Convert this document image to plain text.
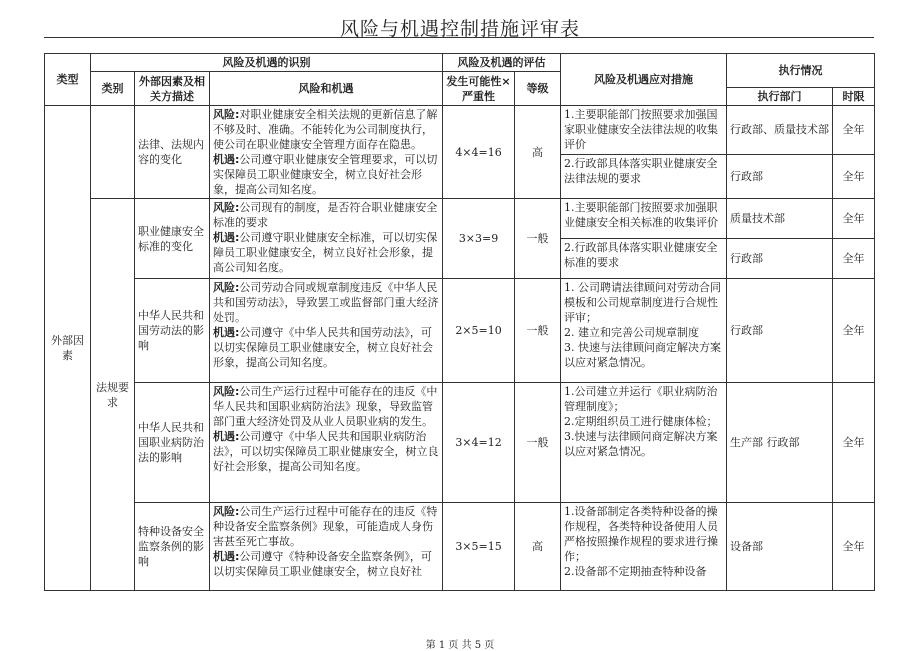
风险与机遇控制措施评审表
类型	风险及机遇的识别			风险及机遇的评估		风险及机遇应对措施	执行情况	
	类别	外部因素及相关方描述	风险和机遇	发生可能性×严重性	等级			
							执行部门	时限
外部因素		法律、法规内容的变化	风险:对职业健康安全相关法规的更新信息了解不够及时、准确。不能转化为公司制度执行，使公司在职业健康安全管理方面存在隐患。
机遇:公司遵守职业健康安全管理要求，可以切实保障员工职业健康安全，树立良好社会形象，提高公司知名度。	4×4=16	高	1.主要职能部门按照要求加强国家职业健康安全法律法规的收集评价	行政部、质量技术部	全年
						2.行政部具体落实职业健康安全法律法规的要求	行政部	全年
	法规要求	职业健康安全标准的变化	风险:公司现有的制度，是否符合职业健康安全标准的要求
机遇:公司遵守职业健康安全标准，可以切实保障员工职业健康安全，树立良好社会形象，提高公司知名度。	3×3=9	一般	1.主要职能部门按照要求加强职业健康安全相关标准的收集评价	质量技术部	全年
						2.行政部具体落实职业健康安全标准的要求	行政部	全年
		中华人民共和国劳动法的影响	风险:公司劳动合同或规章制度违反《中华人民共和国劳动法》，导致罢工或监督部门重大经济处罚。
机遇:公司遵守《中华人民共和国劳动法》，可以切实保障员工职业健康安全，树立良好社会形象，提高公司知名度。	2×5=10	一般	1. 公司聘请法律顾问对劳动合同模板和公司规章制度进行合规性评审；
2. 建立和完善公司规章制度
3. 快速与法律顾问商定解决方案以应对紧急情况。	行政部	全年
		中华人民共和国职业病防治法的影响	风险:公司生产运行过程中可能存在的违反《中华人民共和国职业病防治法》现象，导致监管部门重大经济处罚及从业人员职业病的发生。
机遇:公司遵守《中华人民共和国职业病防治法》，可以切实保障员工职业健康安全，树立良好社会形象，提高公司知名度。	3×4=12	一般	1.公司建立并运行《职业病防治管理制度》；
2.定期组织员工进行健康体检；
3.快速与法律顾问商定解决方案以应对紧急情况。	生产部 行政部	全年
		特种设备安全监察条例的影响	风险:公司生产运行过程中可能存在的违反《特种设备安全监察条例》现象，可能造成人身伤害甚至死亡事故。
机遇:公司遵守《特种设备安全监察条例》，可以切实保障员工职业健康安全，树立良好社	3×5=15	高	1.设备部制定各类特种设备的操作规程，各类特种设备使用人员严格按照操作规程的要求进行操作；
2.设备部不定期抽查特种设备	设备部	全年
第 1 页 共 5 页
